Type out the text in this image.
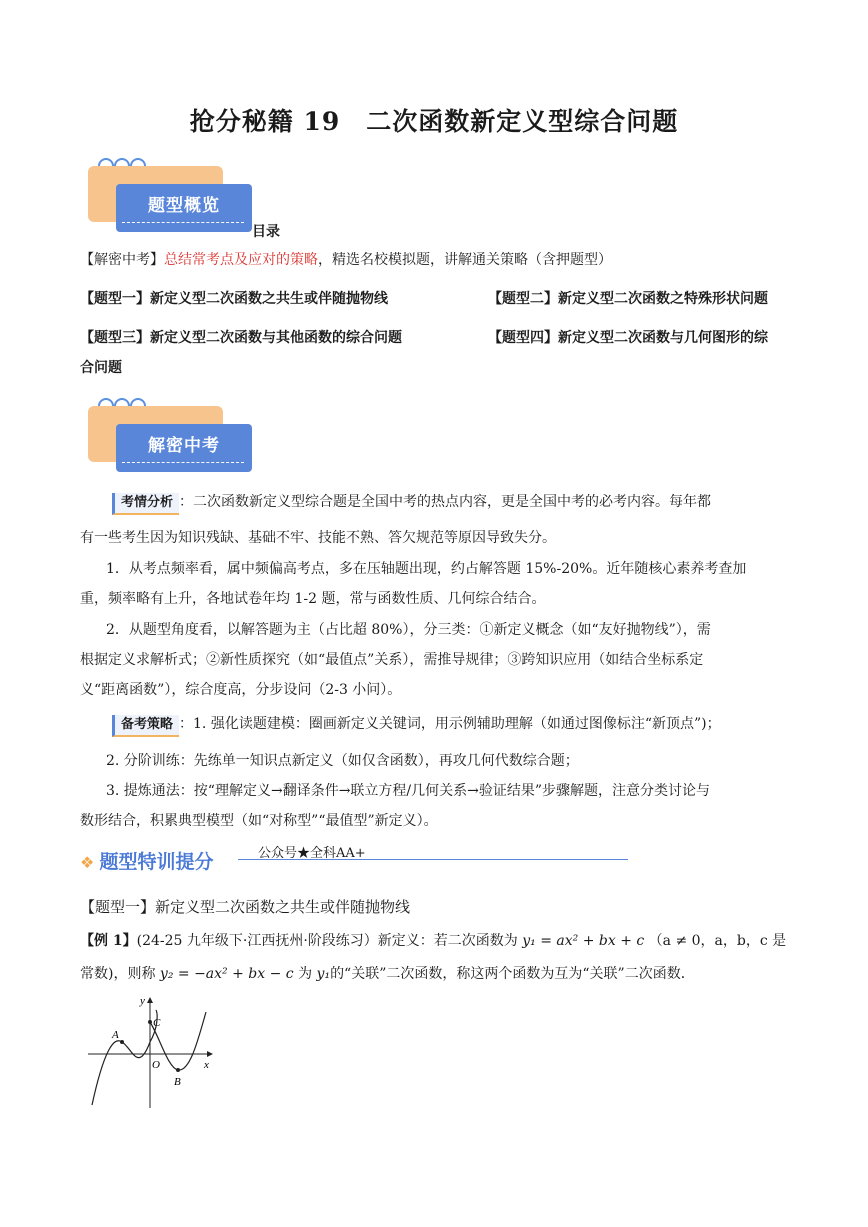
抢分秘籍 19　二次函数新定义型综合问题
题型概览
目录
【解密中考】总结常考点及应对的策略，精选名校模拟题，讲解通关策略（含押题型）
【题型一】新定义型二次函数之共生或伴随抛物线	【题型二】新定义型二次函数之特殊形状问题
【题型三】新定义型二次函数与其他函数的综合问题	【题型四】新定义型二次函数与几何图形的综
合问题
解密中考
考情分析 ：二次函数新定义型综合题是全国中考的热点内容，更是全国中考的必考内容。每年都
有一些考生因为知识残缺、基础不牢、技能不熟、答欠规范等原因导致失分。
1．从考点频率看，属中频偏高考点，多在压轴题出现，约占解答题 15%-20%。近年随核心素养考查加
重，频率略有上升，各地试卷年均 1-2 题，常与函数性质、几何综合结合。
2．从题型角度看，以解答题为主（占比超 80%），分三类：①新定义概念（如“友好抛物线”），需
根据定义求解析式；②新性质探究（如“最值点”关系），需推导规律；③跨知识应用（如结合坐标系定
义“距离函数”），综合度高，分步设问（2-3 小问）。
备考策略 ：1. 强化读题建模：圈画新定义关键词，用示例辅助理解（如通过图像标注“新顶点”)；
2. 分阶训练：先练单一知识点新定义（如仅含函数），再攻几何代数综合题；
3. 提炼通法：按“理解定义→翻译条件→联立方程/几何关系→验证结果”步骤解题，注意分类讨论与
数形结合，积累典型模型（如“对称型”“最值型”新定义）。
❖ 题型特训提分	公众号★全科AA+
【题型一】新定义型二次函数之共生或伴随抛物线
【例 1】(24-25 九年级下·江西抚州·阶段练习）新定义：若二次函数为 y₁ = ax² + bx + c （a ≠ 0，a，b，c 是
常数)，则称 y₂ = −ax² + bx − c 为 y₁的“关联”二次函数，称这两个函数为互为“关联”二次函数．
A
C
B
O	x
y
